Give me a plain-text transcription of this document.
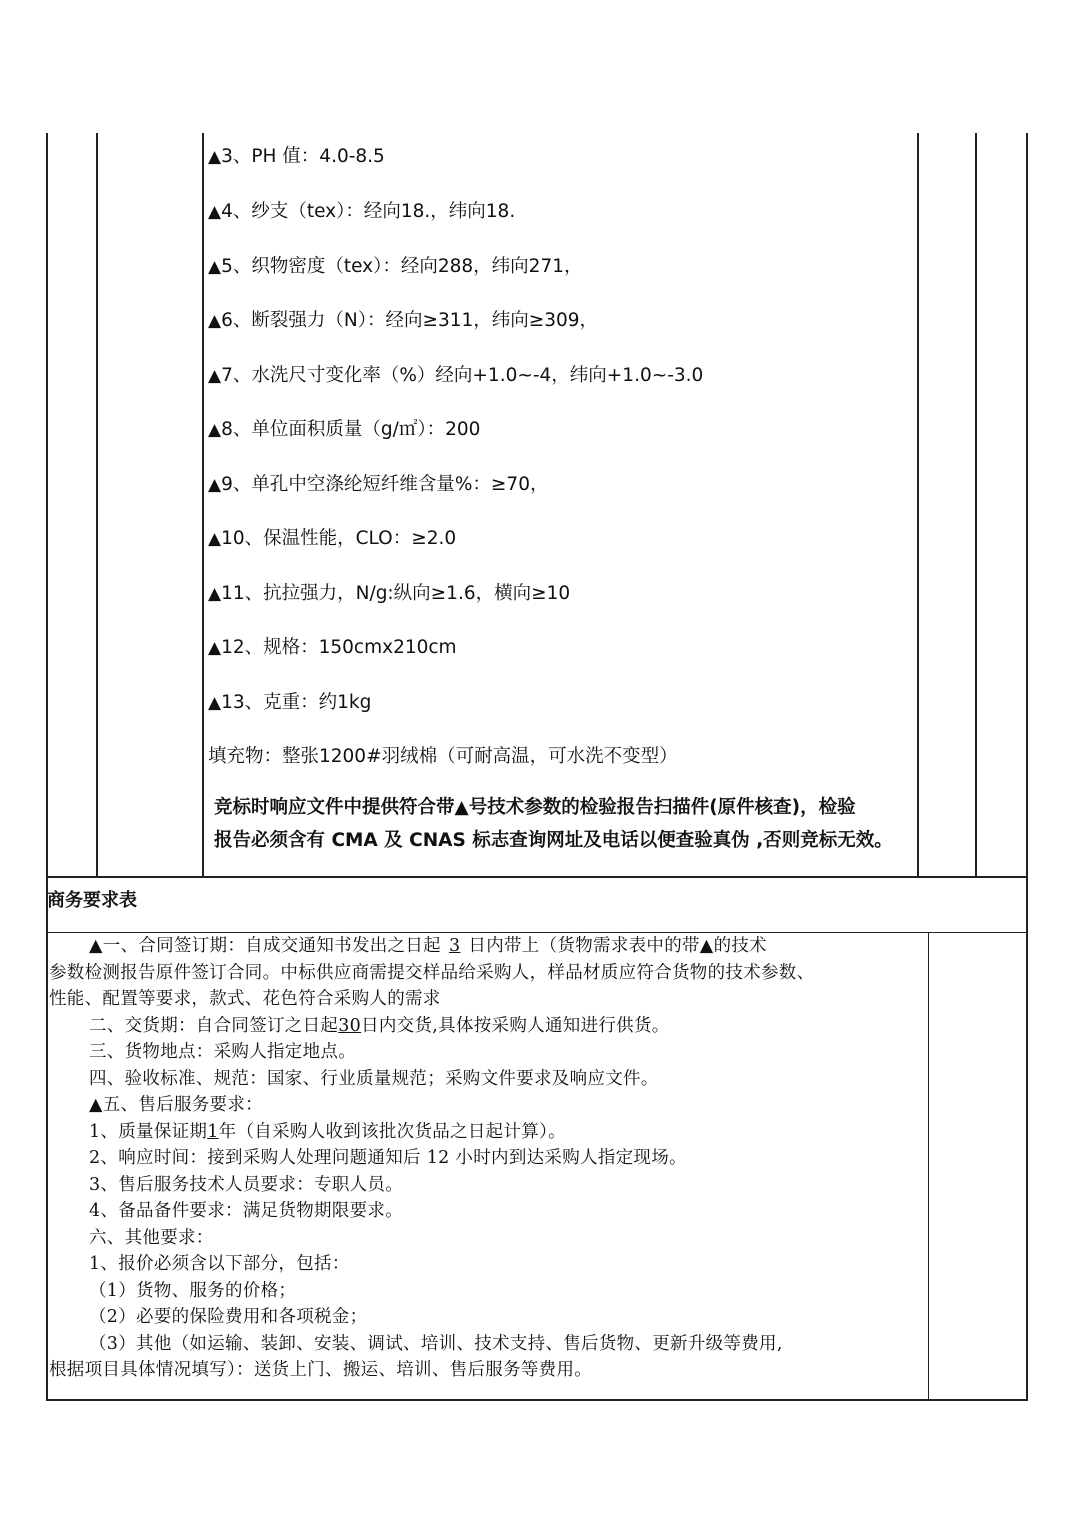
▲3、PH 值：4.0-8.5
▲4、纱支（tex）：经向18.，纬向18.
▲5、织物密度（tex）：经向288，纬向271，
▲6、断裂强力（N）：经向≥311，纬向≥309，
▲7、水洗尺寸变化率（%）经向+1.0~-4，纬向+1.0~-3.0
▲8、单位面积质量（g/㎡）：200
▲9、单孔中空涤纶短纤维含量%：≥70，
▲10、保温性能，CLO：≥2.0
▲11、抗拉强力，N/g:纵向≥1.6，横向≥10
▲12、规格：150cmx210cm
▲13、克重：约1kg
填充物：整张1200#羽绒棉（可耐高温，可水洗不变型）
竞标时响应文件中提供符合带▲号技术参数的检验报告扫描件(原件核查)，检验
报告必须含有 CMA 及 CNAS 标志查询网址及电话以便查验真伪 ,否则竞标无效。
商务要求表
▲一、合同签订期：自成交通知书发出之日起 3 日内带上（货物需求表中的带▲的技术
参数检测报告原件签订合同。中标供应商需提交样品给采购人，样品材质应符合货物的技术参数、
性能、配置等要求，款式、花色符合采购人的需求
二、交货期：自合同签订之日起30日内交货,具体按采购人通知进行供货。
三、货物地点：采购人指定地点。
四、验收标准、规范：国家、行业质量规范；采购文件要求及响应文件。
▲五、售后服务要求：
1、质量保证期1年（自采购人收到该批次货品之日起计算）。
2、响应时间：接到采购人处理问题通知后 12 小时内到达采购人指定现场。
3、售后服务技术人员要求：专职人员。
4、备品备件要求：满足货物期限要求。
六、其他要求：
1、报价必须含以下部分，包括：
（1）货物、服务的价格；
（2）必要的保险费用和各项税金；
（3）其他（如运输、装卸、安装、调试、培训、技术支持、售后货物、更新升级等费用,
根据项目具体情况填写）：送货上门、搬运、培训、售后服务等费用。
